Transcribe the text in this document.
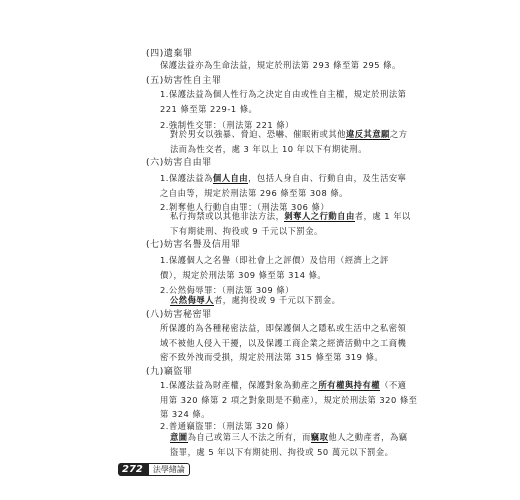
(四)遺棄罪

保護法益亦為生命法益，規定於刑法第 293 條至第 295 條。

(五)妨害性自主罪

1.保護法益為個人性行為之決定自由或性自主權，規定於刑法第
221 條至第 229-1 條。

2.強制性交罪：（刑法第 221 條）

對於男女以強暴、脅迫、恐嚇、催眠術或其他違反其意願之方
法而為性交者，處 3 年以上 10 年以下有期徒刑。

(六)妨害自由罪

1.保護法益為個人自由，包括人身自由、行動自由，及生活安寧
之自由等，規定於刑法第 296 條至第 308 條。

2.剝奪他人行動自由罪：（刑法第 306 條）

私行拘禁或以其他非法方法，剝奪人之行動自由者，處 1 年以
下有期徒刑、拘役或 9 千元以下罰金。

(七)妨害名譽及信用罪

1.保護個人之名譽（即社會上之評價）及信用（經濟上之評
價），規定於刑法第 309 條至第 314 條。

2.公然侮辱罪：（刑法第 309 條）

公然侮辱人者，處拘役或 9 千元以下罰金。

(八)妨害秘密罪

所保護的為各種秘密法益，即保護個人之隱私或生活中之私密領
域不被他人侵入干擾，以及保護工商企業之經濟活動中之工商機
密不致外洩而受損，規定於刑法第 315 條至第 319 條。

(九)竊盜罪

1.保護法益為財產權，保護對象為動產之所有權與持有權（不適
用第 320 條第 2 項之對象則是不動產），規定於刑法第 320 條至
第 324 條。

2.普通竊盜罪：（刑法第 320 條）

意圖為自己或第三人不法之所有，而竊取他人之動產者，為竊
盜罪，處 5 年以下有期徒刑、拘役或 50 萬元以下罰金。

272	法學緒論
